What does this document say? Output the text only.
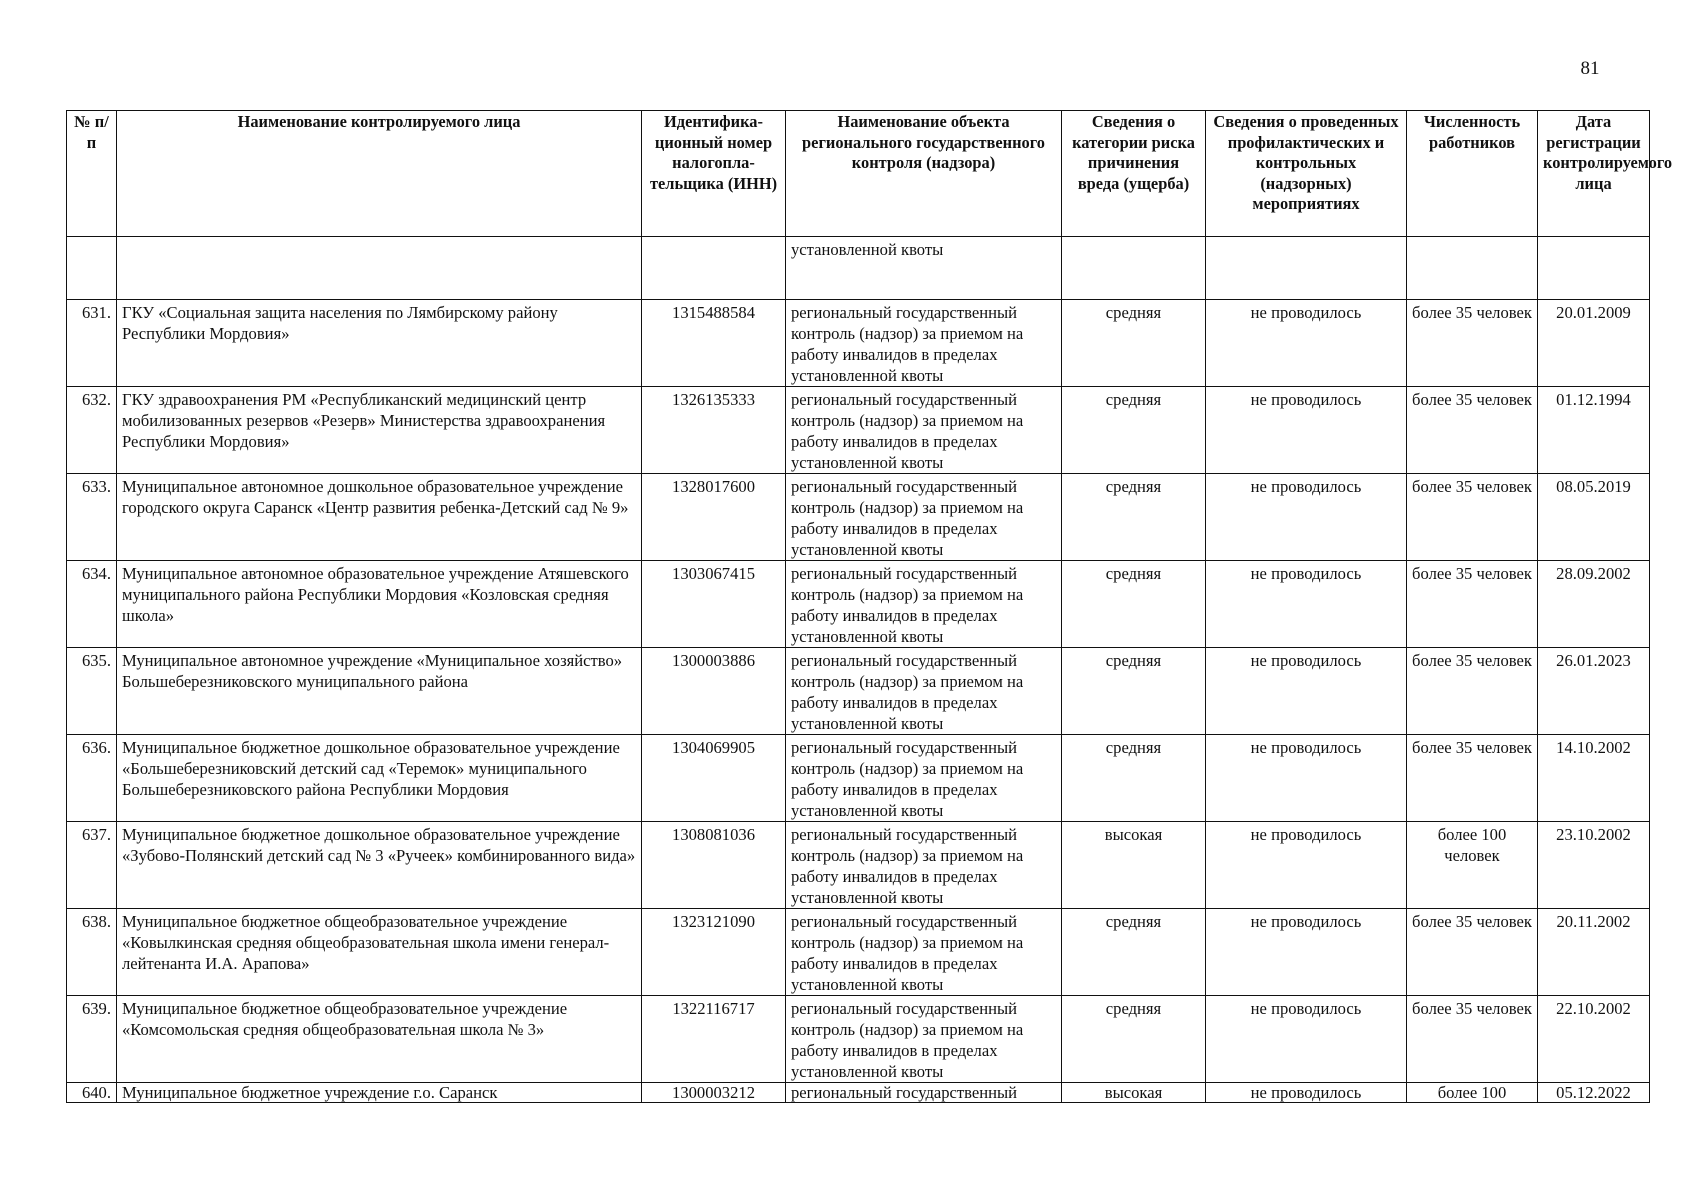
81
№ п/п	Наименование контролируемого лица	Идентифика-ционный номер налогопла-тельщика (ИНН)	Наименование объекта регионального государственного контроля (надзора)	Сведения о категории риска причинения вреда (ущерба)	Сведения о проведенных профилактических и контрольных (надзорных) мероприятиях	Численность работников	Дата регистрации контролируемого лица
			установленной квоты				
631.	ГКУ «Социальная защита населения по Лямбирскому району Республики Мордовия»	1315488584	региональный государственный контроль (надзор) за приемом на работу инвалидов в пределах установленной квоты	средняя	не проводилось	более 35 человек	20.01.2009
632.	ГКУ здравоохранения РМ «Республиканский медицинский центр мобилизованных резервов «Резерв» Министерства здравоохранения Республики Мордовия»	1326135333	региональный государственный контроль (надзор) за приемом на работу инвалидов в пределах установленной квоты	средняя	не проводилось	более 35 человек	01.12.1994
633.	Муниципальное автономное дошкольное образовательное учреждение городского округа Саранск «Центр развития ребенка-Детский сад № 9»	1328017600	региональный государственный контроль (надзор) за приемом на работу инвалидов в пределах установленной квоты	средняя	не проводилось	более 35 человек	08.05.2019
634.	Муниципальное автономное образовательное учреждение Атяшевского муниципального района Республики Мордовия «Козловская средняя школа»	1303067415	региональный государственный контроль (надзор) за приемом на работу инвалидов в пределах установленной квоты	средняя	не проводилось	более 35 человек	28.09.2002
635.	Муниципальное автономное учреждение «Муниципальное хозяйство» Большеберезниковского муниципального района	1300003886	региональный государственный контроль (надзор) за приемом на работу инвалидов в пределах установленной квоты	средняя	не проводилось	более 35 человек	26.01.2023
636.	Муниципальное бюджетное дошкольное образовательное учреждение «Большеберезниковский детский сад «Теремок» муниципального Большеберезниковского района Республики Мордовия	1304069905	региональный государственный контроль (надзор) за приемом на работу инвалидов в пределах установленной квоты	средняя	не проводилось	более 35 человек	14.10.2002
637.	Муниципальное бюджетное дошкольное образовательное учреждение «Зубово-Полянский детский сад № 3 «Ручеек» комбинированного вида»	1308081036	региональный государственный контроль (надзор) за приемом на работу инвалидов в пределах установленной квоты	высокая	не проводилось	более 100 человек	23.10.2002
638.	Муниципальное бюджетное общеобразовательное учреждение «Ковылкинская средняя общеобразовательная школа имени генерал-лейтенанта И.А. Арапова»	1323121090	региональный государственный контроль (надзор) за приемом на работу инвалидов в пределах установленной квоты	средняя	не проводилось	более 35 человек	20.11.2002
639.	Муниципальное бюджетное общеобразовательное учреждение «Комсомольская средняя общеобразовательная школа № 3»	1322116717	региональный государственный контроль (надзор) за приемом на работу инвалидов в пределах установленной квоты	средняя	не проводилось	более 35 человек	22.10.2002
640.	Муниципальное бюджетное учреждение г.о. Саранск	1300003212	региональный государственный	высокая	не проводилось	более 100	05.12.2022
